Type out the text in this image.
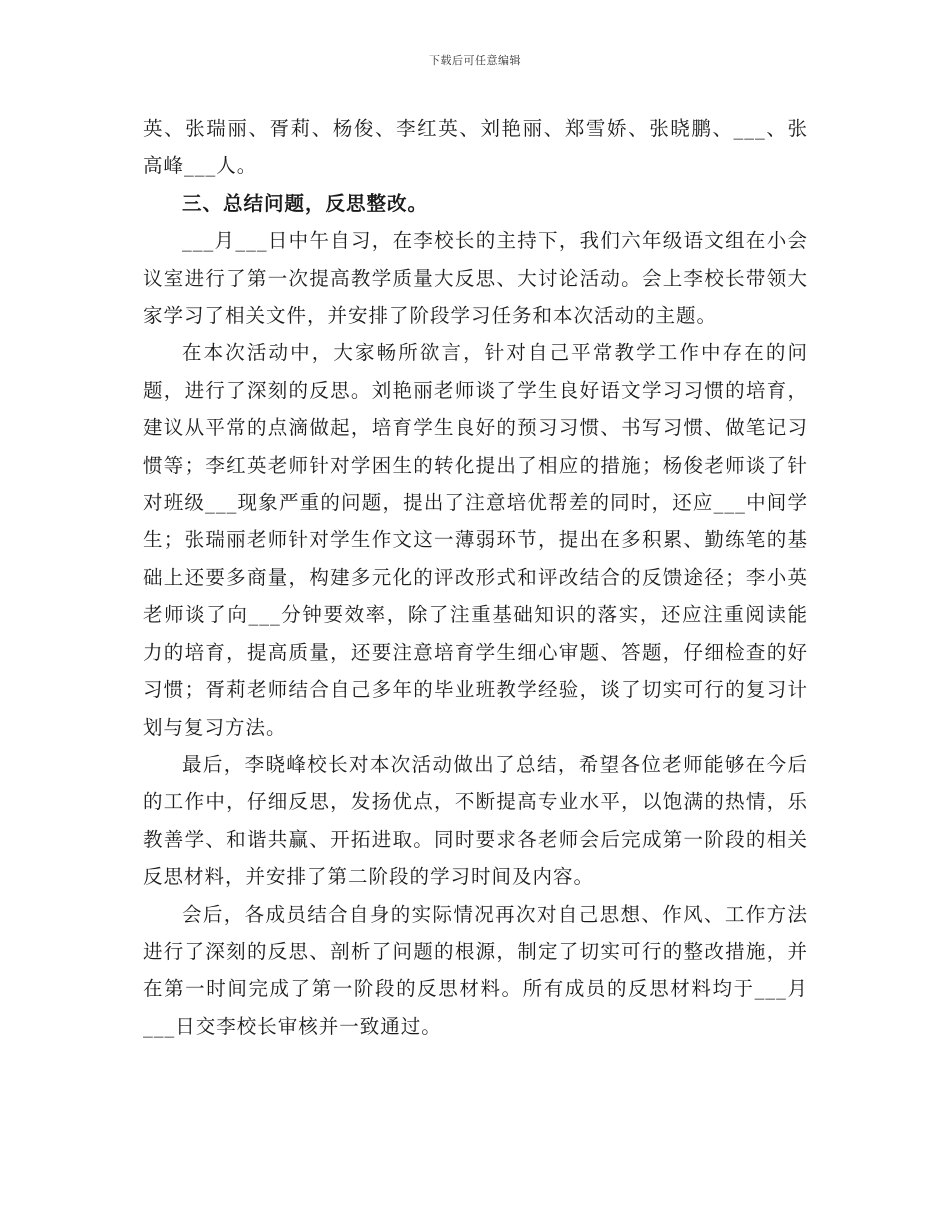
下载后可任意编辑

英、张瑞丽、胥莉、杨俊、李红英、刘艳丽、郑雪娇、张晓鹏、___、张高峰___人。

三、总结问题，反思整改。

___月___日中午自习，在李校长的主持下，我们六年级语文组在小会议室进行了第一次提高教学质量大反思、大讨论活动。会上李校长带领大家学习了相关文件，并安排了阶段学习任务和本次活动的主题。

在本次活动中，大家畅所欲言，针对自己平常教学工作中存在的问题，进行了深刻的反思。刘艳丽老师谈了学生良好语文学习习惯的培育，建议从平常的点滴做起，培育学生良好的预习习惯、书写习惯、做笔记习惯等；李红英老师针对学困生的转化提出了相应的措施；杨俊老师谈了针对班级___现象严重的问题，提出了注意培优帮差的同时，还应___中间学生；张瑞丽老师针对学生作文这一薄弱环节，提出在多积累、勤练笔的基础上还要多商量，构建多元化的评改形式和评改结合的反馈途径；李小英老师谈了向___分钟要效率，除了注重基础知识的落实，还应注重阅读能力的培育，提高质量，还要注意培育学生细心审题、答题，仔细检查的好习惯；胥莉老师结合自己多年的毕业班教学经验，谈了切实可行的复习计划与复习方法。

最后，李晓峰校长对本次活动做出了总结，希望各位老师能够在今后的工作中，仔细反思，发扬优点，不断提高专业水平，以饱满的热情，乐教善学、和谐共赢、开拓进取。同时要求各老师会后完成第一阶段的相关反思材料，并安排了第二阶段的学习时间及内容。

会后，各成员结合自身的实际情况再次对自己思想、作风、工作方法进行了深刻的反思、剖析了问题的根源，制定了切实可行的整改措施，并在第一时间完成了第一阶段的反思材料。所有成员的反思材料均于___月___日交李校长审核并一致通过。
